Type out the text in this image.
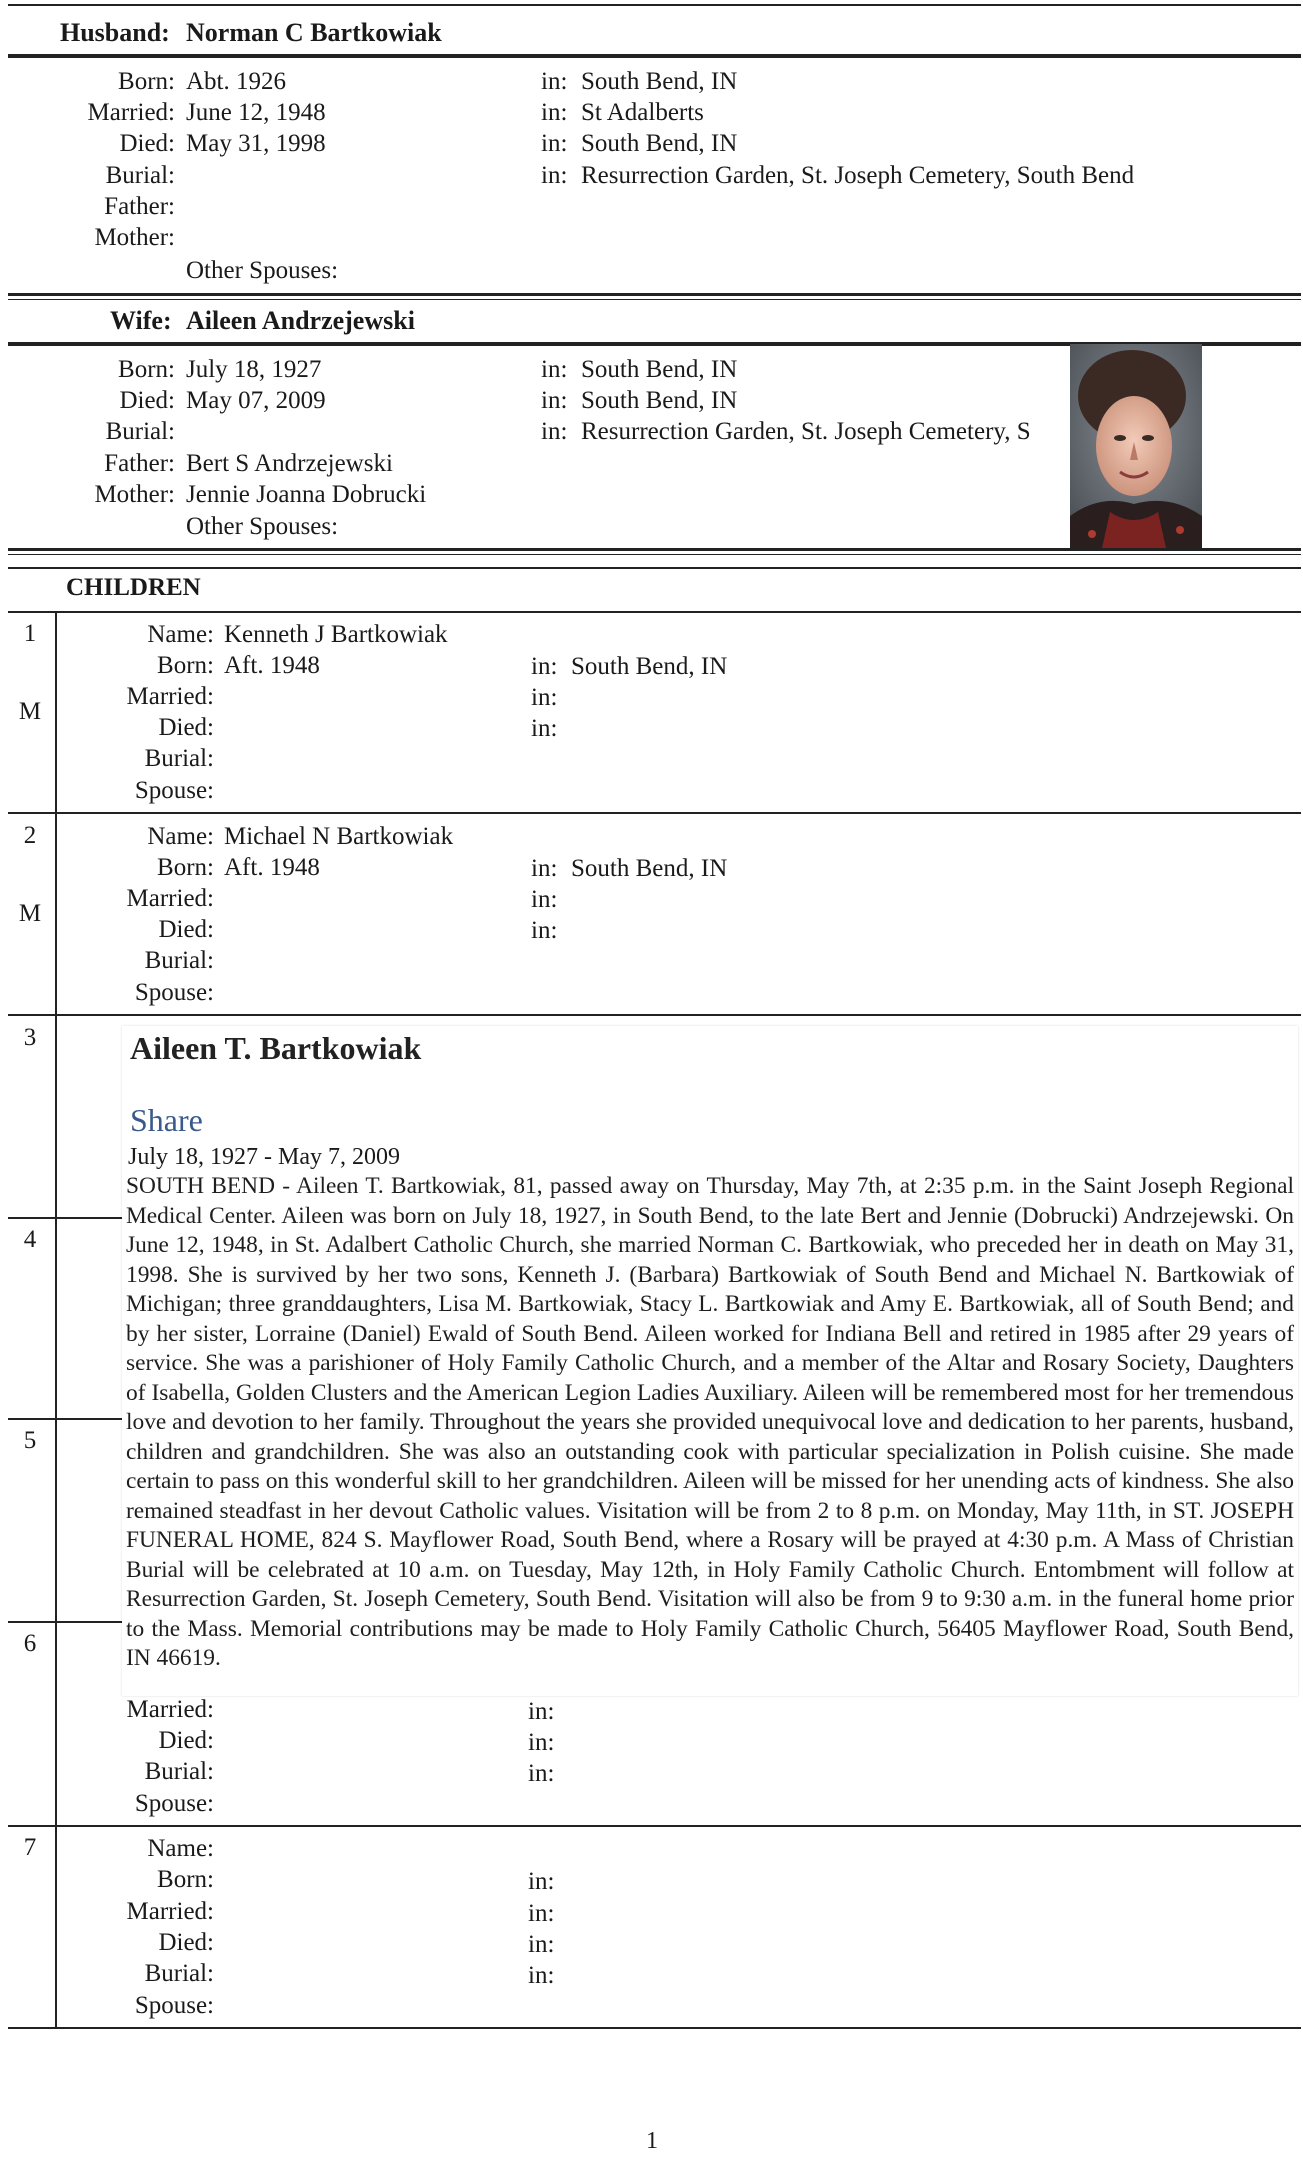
Husband: Norman C Bartkowiak
Born: Abt. 1926	in: South Bend, IN
Married: June 12, 1948	in: St Adalberts
Died: May 31, 1998	in: South Bend, IN
Burial:	in: Resurrection Garden, St. Joseph Cemetery, South Bend
Father:
Mother:
Other Spouses:
Wife: Aileen Andrzejewski
Born: July 18, 1927	in: South Bend, IN
Died: May 07, 2009	in: South Bend, IN
Burial:	in: Resurrection Garden, St. Joseph Cemetery, S
Father: Bert S Andrzejewski
Mother: Jennie Joanna Dobrucki
Other Spouses:
CHILDREN
1
M
Name: Kenneth J Bartkowiak
Born: Aft. 1948	in: South Bend, IN
Married:	in:
Died:	in:
Burial:
Spouse:
2
M
Name: Michael N Bartkowiak
Born: Aft. 1948	in: South Bend, IN
Married:	in:
Died:	in:
Burial:
Spouse:
3
4
5
6
Married:	in:
Died:	in:
Burial:	in:
Spouse:
7	Name:
Born:	in:
Married:	in:
Died:	in:
Burial:	in:
Spouse:
Aileen T. Bartkowiak
Share
July 18, 1927 - May 7, 2009
SOUTH BEND - Aileen T. Bartkowiak, 81, passed away on Thursday, May 7th, at 2:35 p.m. in the Saint Joseph Regional Medical Center. Aileen was born on July 18, 1927, in South Bend, to the late Bert and Jennie (Dobrucki) Andrzejewski. On June 12, 1948, in St. Adalbert Catholic Church, she married Norman C. Bartkowiak, who preceded her in death on May 31, 1998. She is survived by her two sons, Kenneth J. (Barbara) Bartkowiak of South Bend and Michael N. Bartkowiak of Michigan; three granddaughters, Lisa M. Bartkowiak, Stacy L. Bartkowiak and Amy E. Bartkowiak, all of South Bend; and by her sister, Lorraine (Daniel) Ewald of South Bend. Aileen worked for Indiana Bell and retired in 1985 after 29 years of service. She was a parishioner of Holy Family Catholic Church, and a member of the Altar and Rosary Society, Daughters of Isabella, Golden Clusters and the American Legion Ladies Auxiliary. Aileen will be remembered most for her tremendous love and devotion to her family. Throughout the years she provided unequivocal love and dedication to her parents, husband, children and grandchildren. She was also an outstanding cook with particular specialization in Polish cuisine. She made certain to pass on this wonderful skill to her grandchildren. Aileen will be missed for her unending acts of kindness. She also remained steadfast in her devout Catholic values. Visitation will be from 2 to 8 p.m. on Monday, May 11th, in ST. JOSEPH FUNERAL HOME, 824 S. Mayflower Road, South Bend, where a Rosary will be prayed at 4:30 p.m. A Mass of Christian Burial will be celebrated at 10 a.m. on Tuesday, May 12th, in Holy Family Catholic Church. Entombment will follow at Resurrection Garden, St. Joseph Cemetery, South Bend. Visitation will also be from 9 to 9:30 a.m. in the funeral home prior to the Mass. Memorial contributions may be made to Holy Family Catholic Church, 56405 Mayflower Road, South Bend, IN 46619.
1
